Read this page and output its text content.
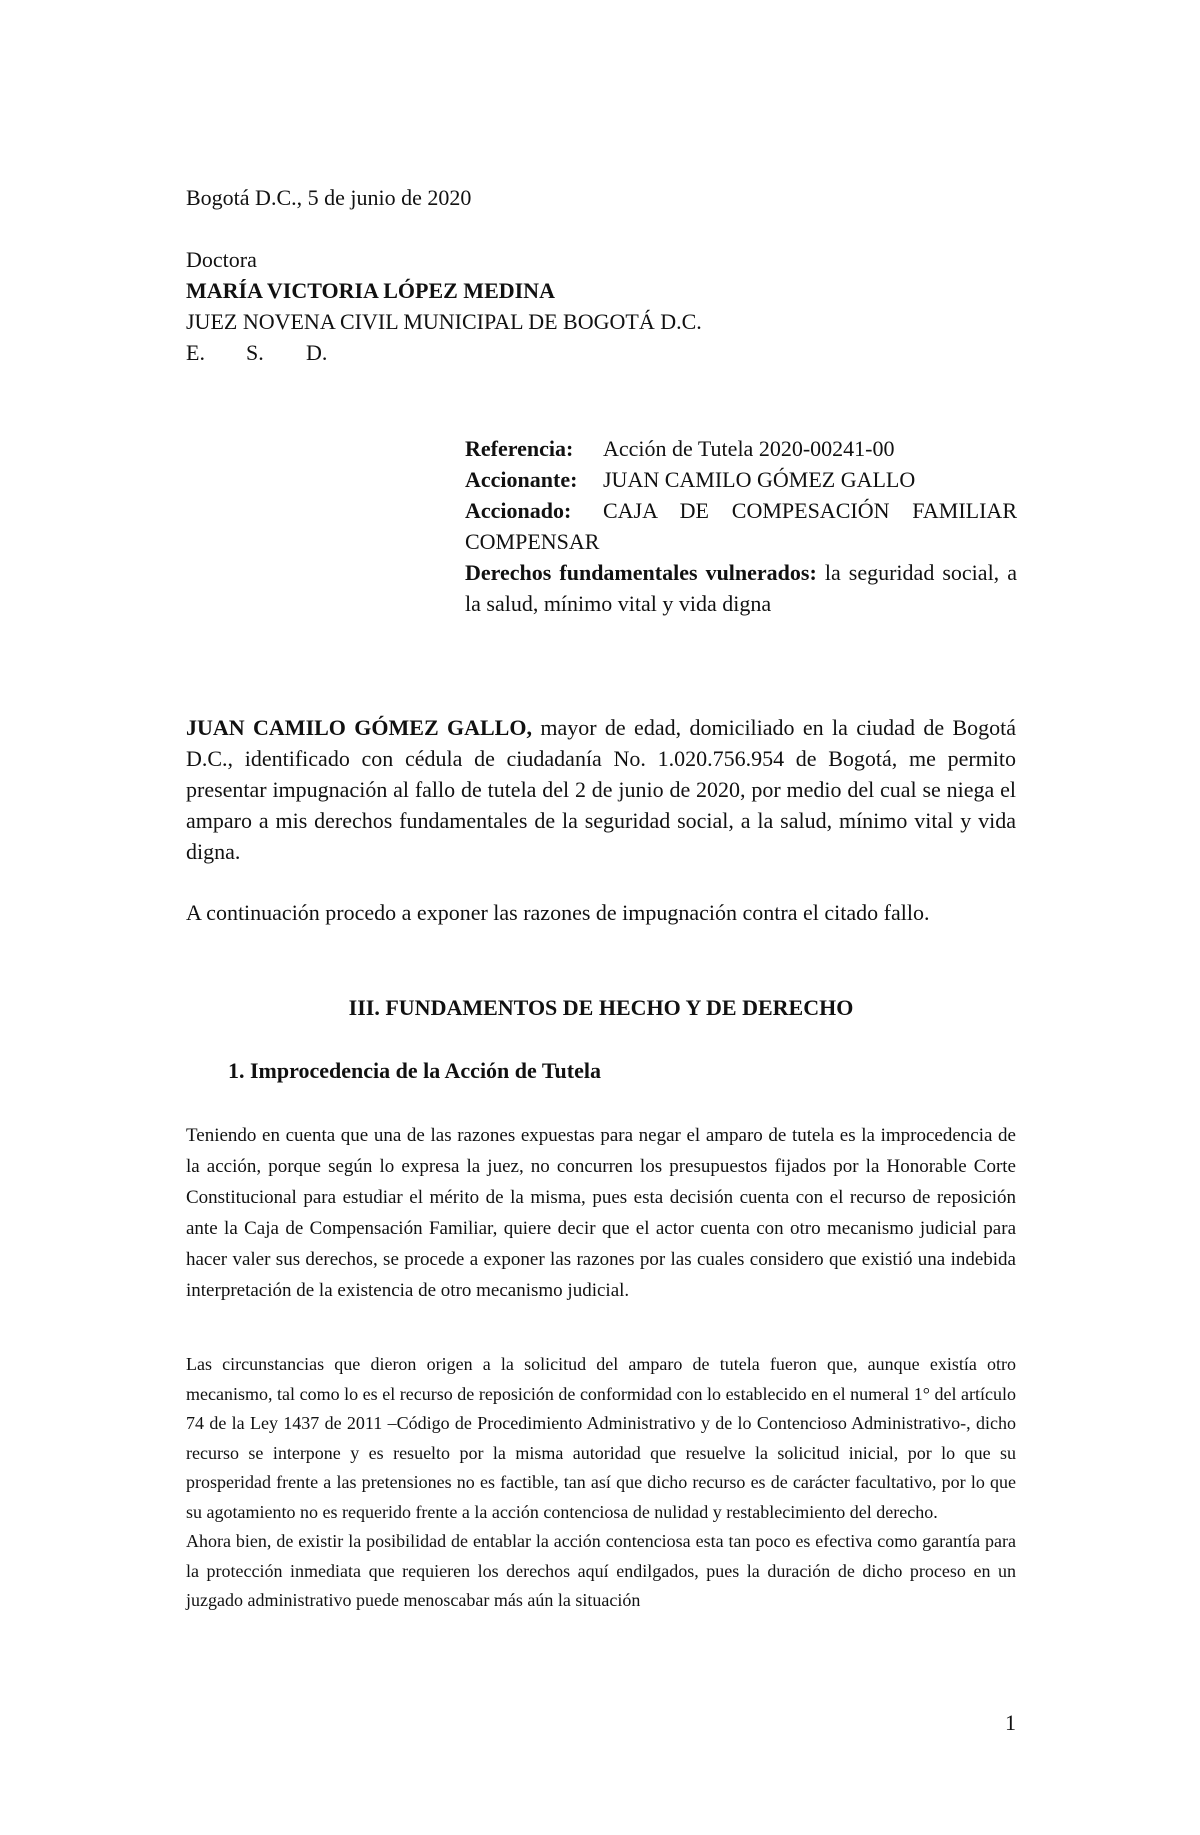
Bogotá D.C., 5 de junio de 2020

Doctora
MARÍA VICTORIA LÓPEZ MEDINA
JUEZ NOVENA CIVIL MUNICIPAL DE BOGOTÁ D.C.
E. S. D.
Referencia:	Acción de Tutela 2020-00241-00
Accionante:	JUAN CAMILO GÓMEZ GALLO
Accionado:	CAJA DE COMPESACIÓN FAMILIAR
COMPENSAR
Derechos fundamentales vulnerados: la seguridad social, a la salud, mínimo vital y vida digna

JUAN CAMILO GÓMEZ GALLO, mayor de edad, domiciliado en la ciudad de Bogotá D.C., identificado con cédula de ciudadanía No. 1.020.756.954 de Bogotá, me permito presentar impugnación al fallo de tutela del 2 de junio de 2020, por medio del cual se niega el amparo a mis derechos fundamentales de la seguridad social, a la salud, mínimo vital y vida digna.

A continuación procedo a exponer las razones de impugnación contra el citado fallo.

III. FUNDAMENTOS DE HECHO Y DE DERECHO
1. Improcedencia de la Acción de Tutela

Teniendo en cuenta que una de las razones expuestas para negar el amparo de tutela es la improcedencia de la acción, porque según lo expresa la juez, no concurren los presupuestos fijados por la Honorable Corte Constitucional para estudiar el mérito de la misma, pues esta decisión cuenta con el recurso de reposición ante la Caja de Compensación Familiar, quiere decir que el actor cuenta con otro mecanismo judicial para hacer valer sus derechos, se procede a exponer las razones por las cuales considero que existió una indebida interpretación de la existencia de otro mecanismo judicial.

Las circunstancias que dieron origen a la solicitud del amparo de tutela fueron que, aunque existía otro mecanismo, tal como lo es el recurso de reposición de conformidad con lo establecido en el numeral 1° del artículo 74 de la Ley 1437 de 2011 –Código de Procedimiento Administrativo y de lo Contencioso Administrativo-, dicho recurso se interpone y es resuelto por la misma autoridad que resuelve la solicitud inicial, por lo que su prosperidad frente a las pretensiones no es factible, tan así que dicho recurso es de carácter facultativo, por lo que su agotamiento no es requerido frente a la acción contenciosa de nulidad y restablecimiento del derecho.
Ahora bien, de existir la posibilidad de entablar la acción contenciosa esta tan poco es efectiva como garantía para la protección inmediata que requieren los derechos aquí endilgados, pues la duración de dicho proceso en un juzgado administrativo puede menoscabar más aún la situación
1
